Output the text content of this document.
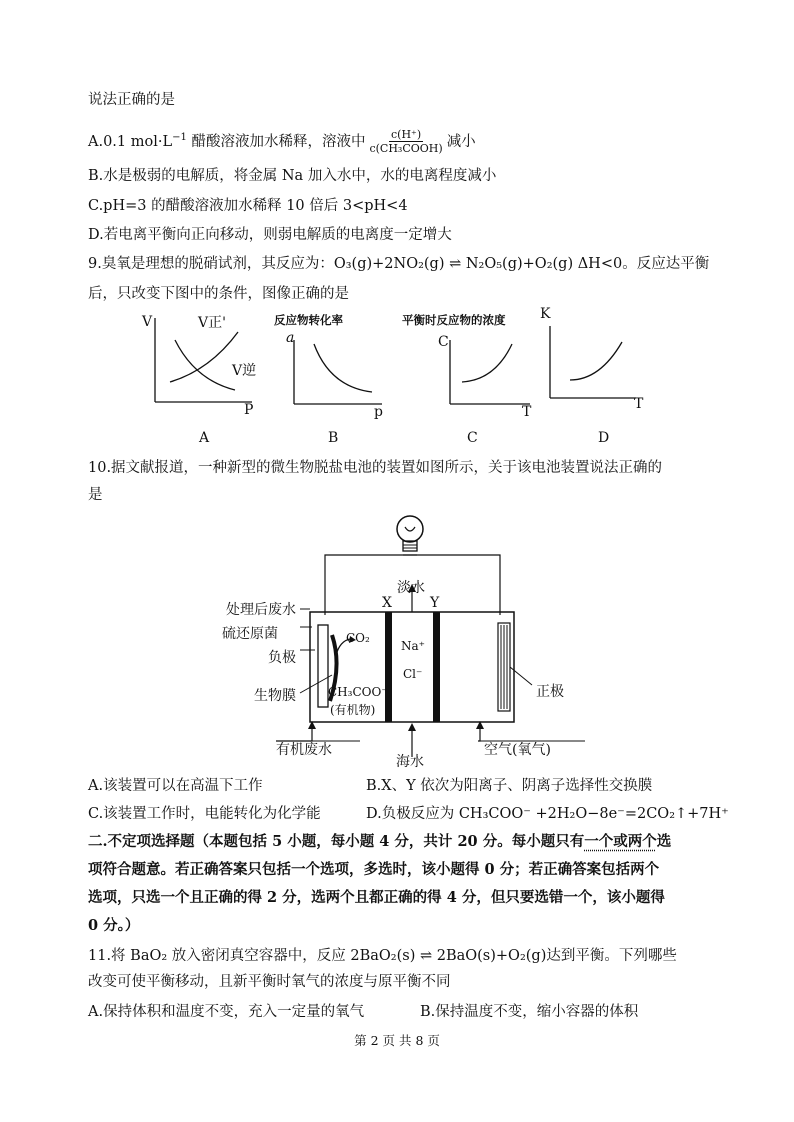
说法正确的是
A.0.1 $mol\cdot L^{-1}$ 醋酸溶液加水稀释，溶液中 $\frac{c(H^+)}{\text{c(CH₃COOH)}}$ 减小
B.水是极弱的电解质，将金属 Na 加入水中，水的电离程度减小
C.pH=3 的醋酸溶液加水稀释 10 倍后 3<pH<4
D.若电离平衡向正向移动，则弱电解质的电离度一定增大
9.臭氧是理想的脱硝试剂，其反应为：O₃(g)+2NO₂(g) ⇌ N₂O₅(g)+O₂(g) ΔH<0。反应达平衡
后，只改变下图中的条件，图像正确的是
V	V正'
V逆
P
A
反应物转化率
a
p
B
平衡时反应物的浓度
C
T
C
K
T
D
10.据文献报道，一种新型的微生物脱盐电池的装置如图所示，关于该电池装置说法正确的
是
淡水
X	Y
处理后废水
硫还原菌	CO₂
负极
生物膜	CH₃COO⁻
(有机物)
Na⁺
Cl⁻
正极
有机废水
海水
空气(氧气)
A.该装置可以在高温下工作	B.X、Y 依次为阳离子、阴离子选择性交换膜
C.该装置工作时，电能转化为化学能	D.负极反应为 CH₃COO⁻ +2H₂O−8e⁻=2CO₂↑+7H⁺
二.不定项选择题（本题包括 5 小题，每小题 4 分，共计 20 分。每小题只有一个或两个选
项符合题意。若正确答案只包括一个选项，多选时，该小题得 0 分；若正确答案包括两个
选项，只选一个且正确的得 2 分，选两个且都正确的得 4 分，但只要选错一个，该小题得
0 分。）
11.将 BaO₂ 放入密闭真空容器中，反应 2BaO₂(s) ⇌ 2BaO(s)+O₂(g)达到平衡。下列哪些
改变可使平衡移动，且新平衡时氧气的浓度与原平衡不同
A.保持体积和温度不变，充入一定量的氧气	B.保持温度不变，缩小容器的体积
第 2 页 共 8 页
